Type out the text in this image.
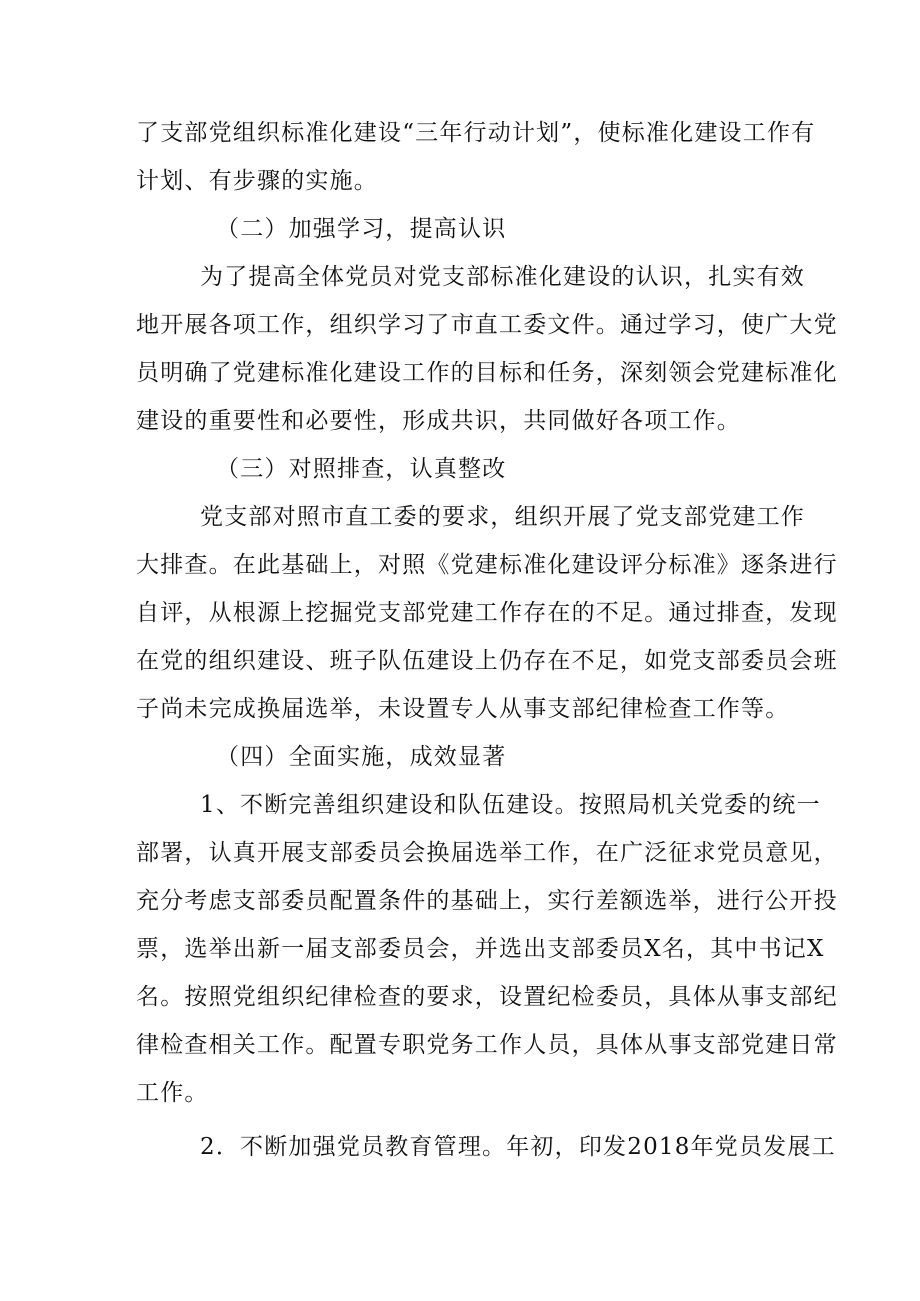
了支部党组织标准化建设“三年行动计划”，使标准化建设工作有
计划、有步骤的实施。
（二）加强学习，提高认识
为了提高全体党员对党支部标准化建设的认识，扎实有效
地开展各项工作，组织学习了市直工委文件。通过学习，使广大党
员明确了党建标准化建设工作的目标和任务，深刻领会党建标准化
建设的重要性和必要性，形成共识，共同做好各项工作。
（三）对照排查，认真整改
党支部对照市直工委的要求，组织开展了党支部党建工作
大排查。在此基础上，对照《党建标准化建设评分标准》逐条进行
自评，从根源上挖掘党支部党建工作存在的不足。通过排查，发现
在党的组织建设、班子队伍建设上仍存在不足，如党支部委员会班
子尚未完成换届选举，未设置专人从事支部纪律检查工作等。
（四）全面实施，成效显著
1、不断完善组织建设和队伍建设。按照局机关党委的统一
部署，认真开展支部委员会换届选举工作，在广泛征求党员意见，
充分考虑支部委员配置条件的基础上，实行差额选举，进行公开投
票，选举出新一届支部委员会，并选出支部委员X名，其中书记X
名。按照党组织纪律检查的要求，设置纪检委员，具体从事支部纪
律检查相关工作。配置专职党务工作人员，具体从事支部党建日常
工作。
2．不断加强党员教育管理。年初，印发2018年党员发展工
